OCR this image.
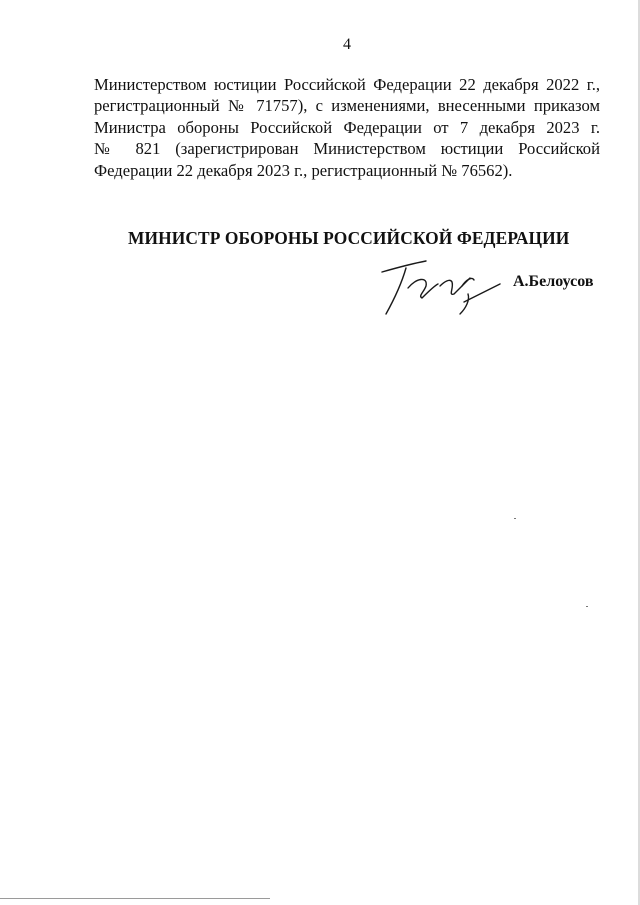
4
Министерством юстиции Российской Федерации 22 декабря 2022 г.,
регистрационный № 71757), с изменениями, внесенными приказом
Министра обороны Российской Федерации от 7 декабря 2023 г.
№ 821 (зарегистрирован Министерством юстиции Российской
Федерации 22 декабря 2023 г., регистрационный № 76562).
МИНИСТР ОБОРОНЫ РОССИЙСКОЙ ФЕДЕРАЦИИ
А.Белоусов
